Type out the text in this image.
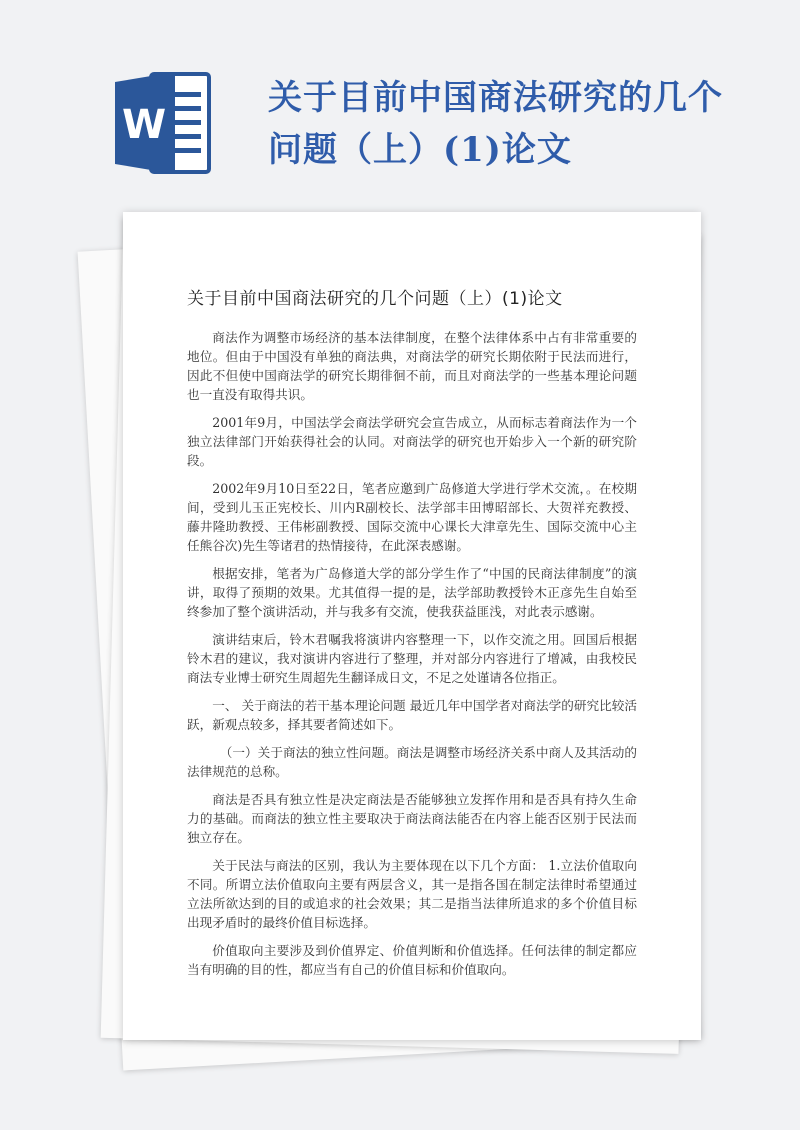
W
关于目前中国商法研究的几个
问题（上）(1)论文
关于目前中国商法研究的几个问题（上）(1)论文

商法作为调整市场经济的基本法律制度，在整个法律体系中占有非常重要的地位。但由于中国没有单独的商法典，对商法学的研究长期依附于民法而进行，因此不但使中国商法学的研究长期徘徊不前，而且对商法学的一些基本理论问题也一直没有取得共识。

2001年9月，中国法学会商法学研究会宣告成立，从而标志着商法作为一个独立法律部门开始获得社会的认同。对商法学的研究也开始步入一个新的研究阶段。

2002年9月10日至22日，笔者应邀到广岛修道大学进行学术交流，。在校期间，受到儿玉正宪校长、川内R副校长、法学部丰田博昭部长、大贺祥充教授、藤井隆助教授、王伟彬副教授、国际交流中心课长大津章先生、国际交流中心主任熊谷次)先生等诸君的热情接待，在此深表感谢。

根据安排，笔者为广岛修道大学的部分学生作了“中国的民商法律制度”的演讲，取得了预期的效果。尤其值得一提的是，法学部助教授铃木正彦先生自始至终参加了整个演讲活动，并与我多有交流，使我获益匪浅，对此表示感谢。

演讲结束后，铃木君嘱我将演讲内容整理一下，以作交流之用。回国后根据铃木君的建议，我对演讲内容进行了整理，并对部分内容进行了增减，由我校民商法专业博士研究生周超先生翻译成日文，不足之处谨请各位指正。

一、 关于商法的若干基本理论问题 最近几年中国学者对商法学的研究比较活跃，新观点较多，择其要者简述如下。

（一）关于商法的独立性问题。商法是调整市场经济关系中商人及其活动的法律规范的总称。

商法是否具有独立性是决定商法是否能够独立发挥作用和是否具有持久生命力的基础。而商法的独立性主要取决于商法商法能否在内容上能否区别于民法而独立存在。

关于民法与商法的区别，我认为主要体现在以下几个方面： 1.立法价值取向不同。所谓立法价值取向主要有两层含义，其一是指各国在制定法律时希望通过立法所欲达到的目的或追求的社会效果；其二是指当法律所追求的多个价值目标出现矛盾时的最终价值目标选择。

价值取向主要涉及到价值界定、价值判断和价值选择。任何法律的制定都应当有明确的目的性，都应当有自己的价值目标和价值取向。
